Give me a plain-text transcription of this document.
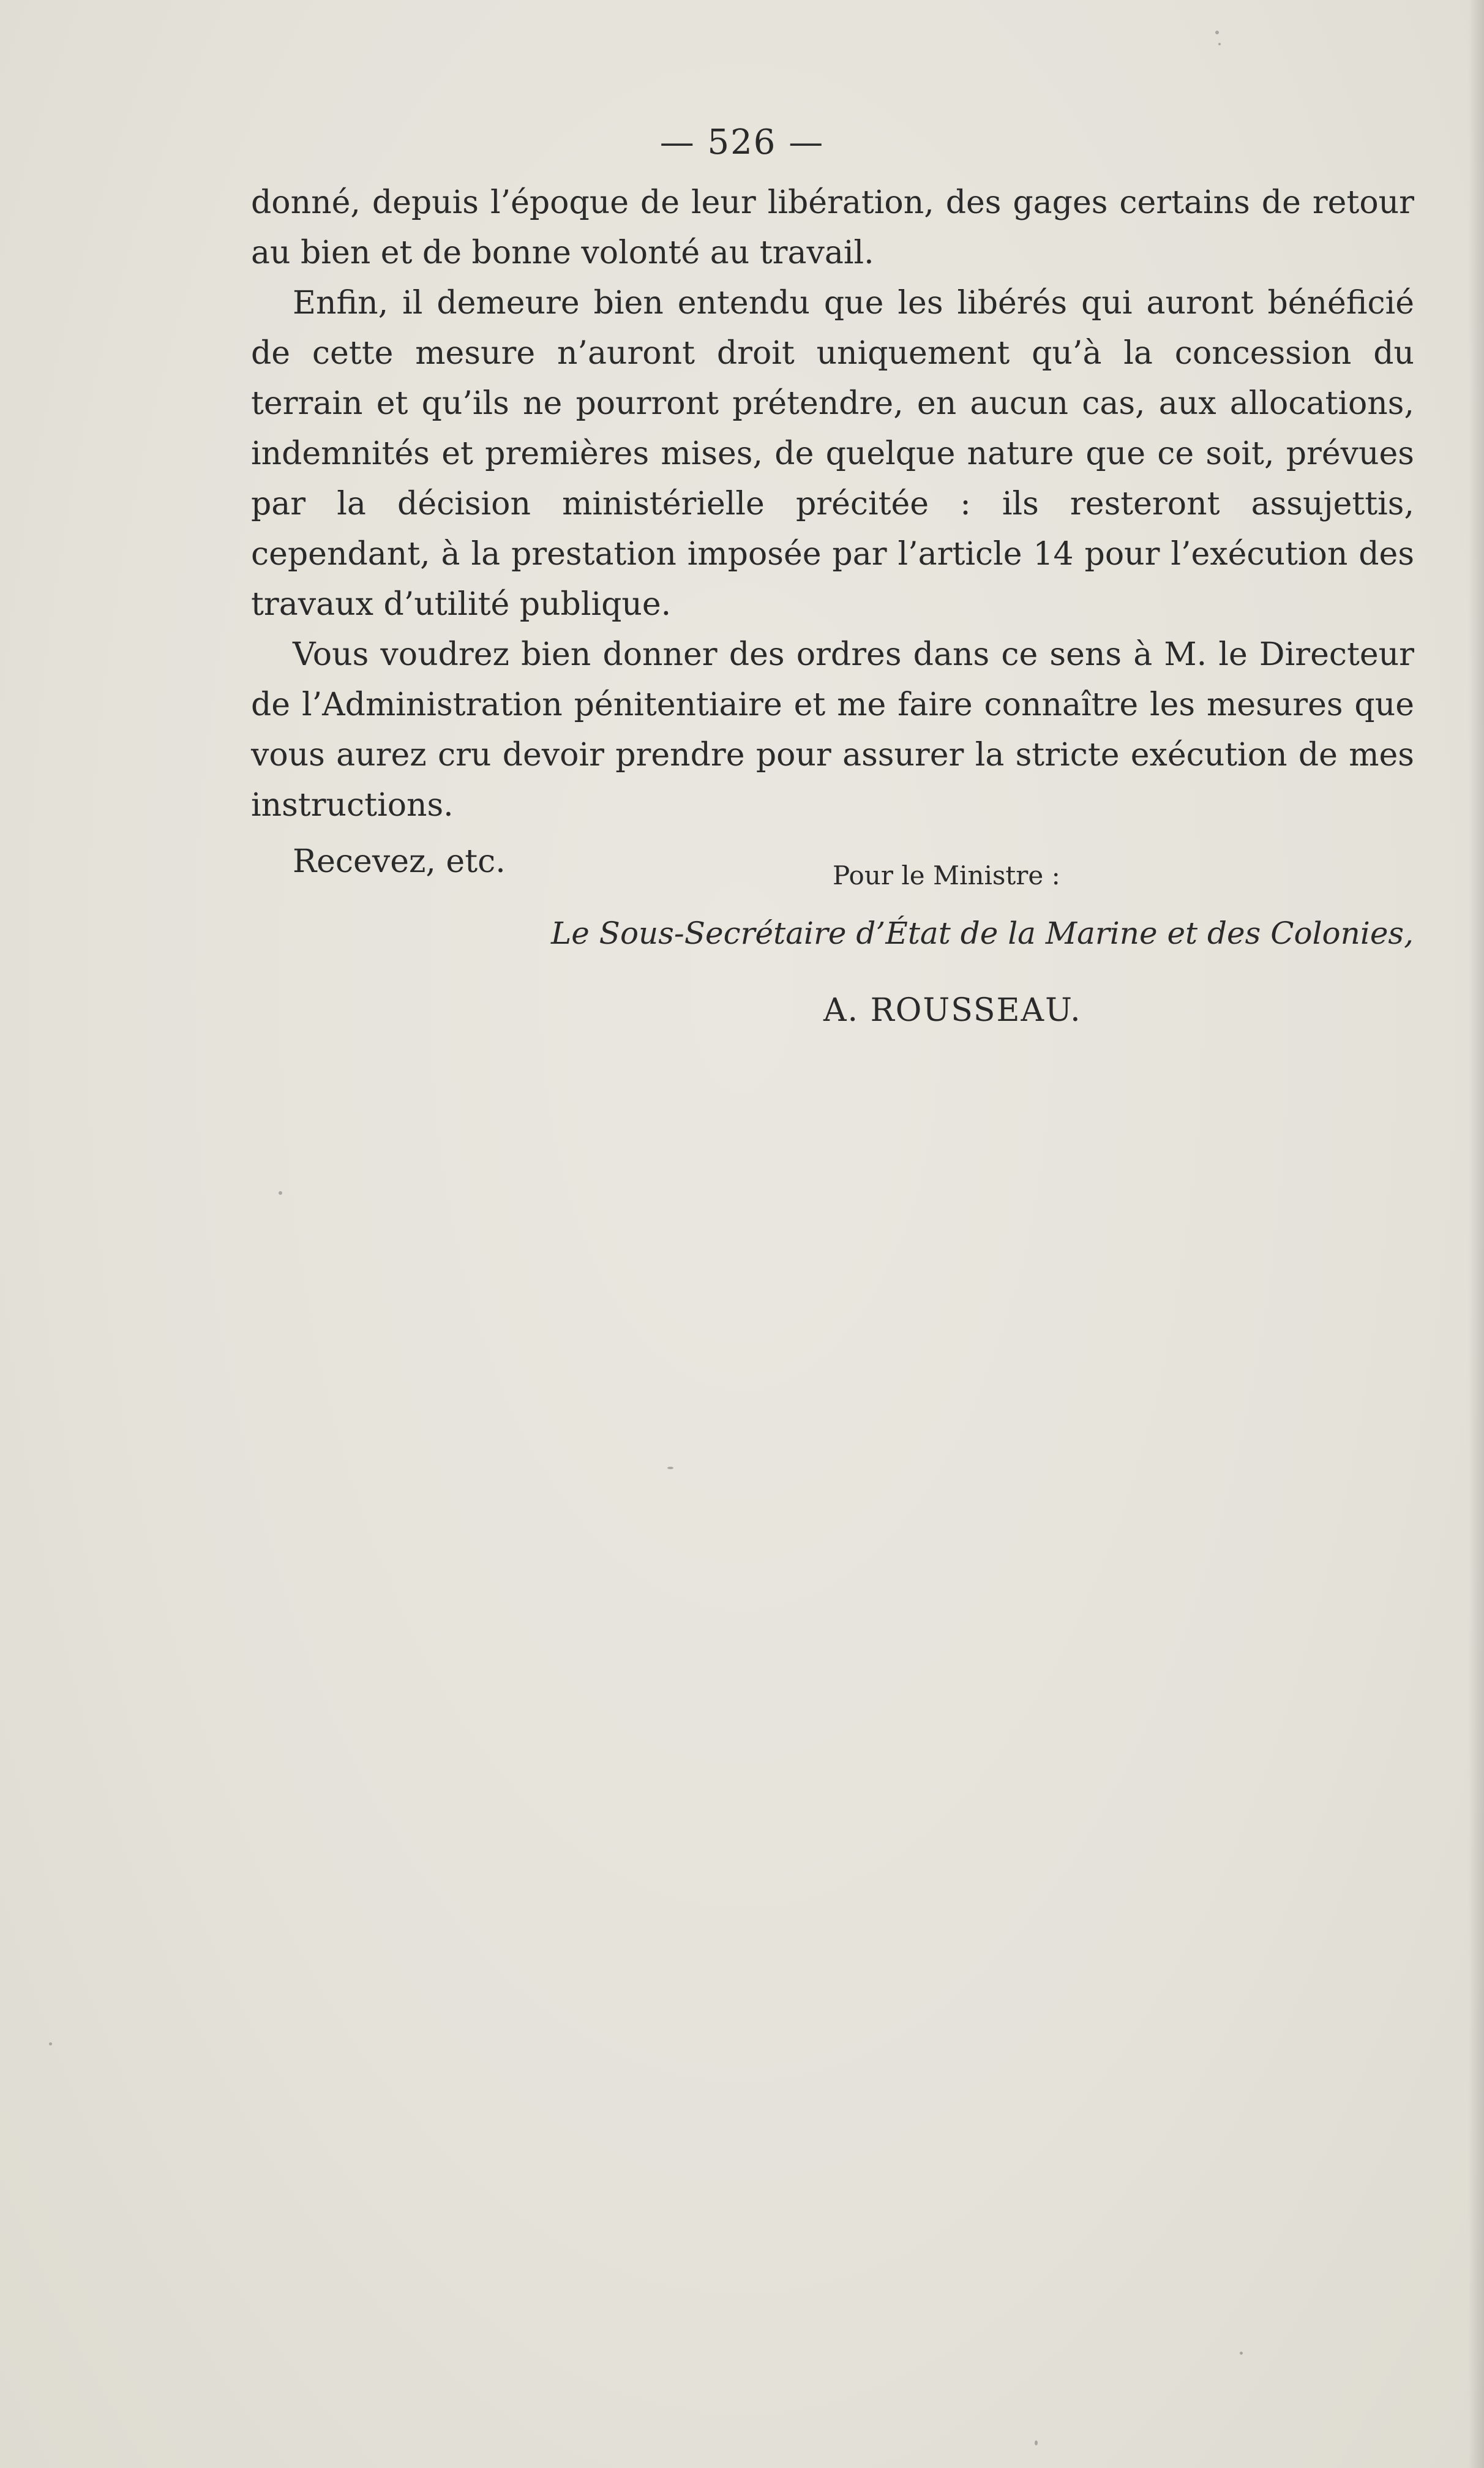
— 526 —

donné, depuis l’époque de leur libération, des gages certains de retour au bien et de bonne volonté au travail.

Enfin, il demeure bien entendu que les libérés qui auront bénéficié de cette mesure n’auront droit uniquement qu’à la concession du terrain et qu’ils ne pourront prétendre, en aucun cas, aux allocations, indemnités et premières mises, de quelque nature que ce soit, prévues par la décision ministérielle précitée : ils resteront assujettis, cependant, à la prestation imposée par l’article 14 pour l’exécution des travaux d’utilité publique.

Vous voudrez bien donner des ordres dans ce sens à M. le Directeur de l’Administration pénitentiaire et me faire connaître les mesures que vous aurez cru devoir prendre pour assurer la stricte exécution de mes instructions.

Recevez, etc.	Pour le Ministre :
Le Sous-Secrétaire d’État de la Marine et des Colonies,
A. ROUSSEAU.
